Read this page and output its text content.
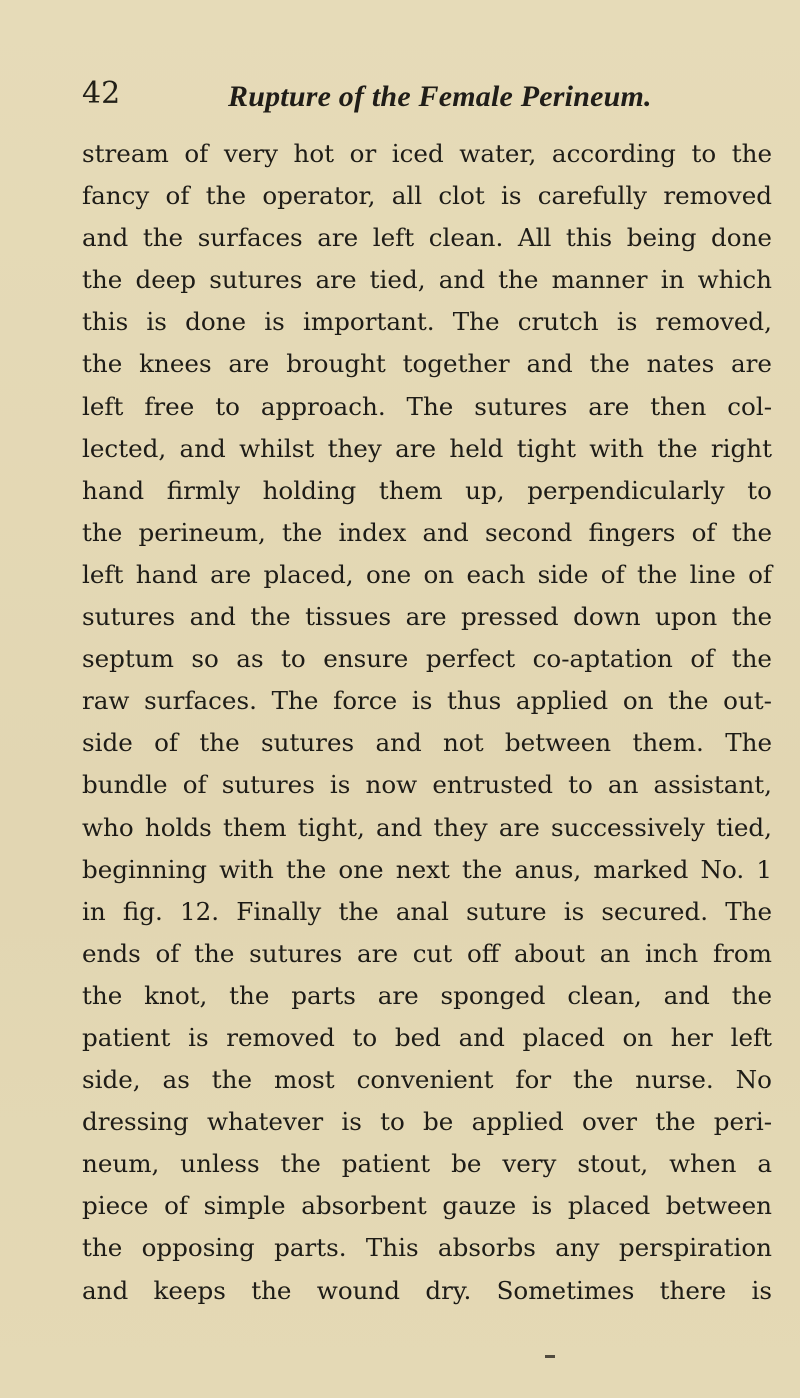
42	Rupture of the Female Perineum.
stream of very hot or iced water, according to the
fancy of the operator, all clot is carefully removed
and the surfaces are left clean. All this being done
the deep sutures are tied, and the manner in which
this is done is important. The crutch is removed,
the knees are brought together and the nates are
left free to approach. The sutures are then col-
lected, and whilst they are held tight with the right
hand firmly holding them up, perpendicularly to
the perineum, the index and second fingers of the
left hand are placed, one on each side of the line of
sutures and the tissues are pressed down upon the
septum so as to ensure perfect co-aptation of the
raw surfaces. The force is thus applied on the out-
side of the sutures and not between them. The
bundle of sutures is now entrusted to an assistant,
who holds them tight, and they are successively tied,
beginning with the one next the anus, marked No. 1
in fig. 12. Finally the anal suture is secured. The
ends of the sutures are cut off about an inch from
the knot, the parts are sponged clean, and the
patient is removed to bed and placed on her left
side, as the most convenient for the nurse. No
dressing whatever is to be applied over the peri-
neum, unless the patient be very stout, when a
piece of simple absorbent gauze is placed between
the opposing parts. This absorbs any perspiration
and keeps the wound dry. Sometimes there is
